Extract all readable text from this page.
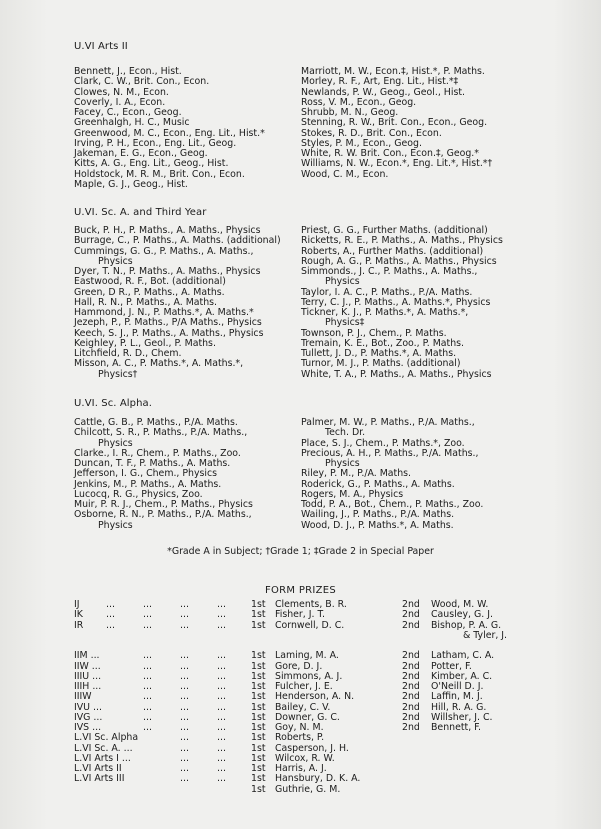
U.VI Arts II
Bennett, J., Econ., Hist.
Clark, C. W., Brit. Con., Econ.
Clowes, N. M., Econ.
Coverly, I. A., Econ.
Facey, C., Econ., Geog.
Greenhalgh, H. C., Music
Greenwood, M. C., Econ., Eng. Lit., Hist.*
Irving, P. H., Econ., Eng. Lit., Geog.
Jakeman, E. G., Econ., Geog.
Kitts, A. G., Eng. Lit., Geog., Hist.
Holdstock, M. R. M., Brit. Con., Econ.
Maple, G. J., Geog., Hist.
Marriott, M. W., Econ.‡, Hist.*, P. Maths.
Morley, R. F., Art, Eng. Lit., Hist.*‡
Newlands, P. W., Geog., Geol., Hist.
Ross, V. M., Econ., Geog.
Shrubb, M. N., Geog.
Stenning, R. W., Brit. Con., Econ., Geog.
Stokes, R. D., Brit. Con., Econ.
Styles, P. M., Econ., Geog.
White, R. W. Brit. Con., Econ.‡, Geog.*
Williams, N. W., Econ.*, Eng. Lit.*, Hist.*†
Wood, C. M., Econ.
U.VI. Sc. A. and Third Year
Buck, P. H., P. Maths., A. Maths., Physics
Burrage, C., P. Maths., A. Maths. (additional)
Cummings, G. G., P. Maths., A. Maths.,
Physics
Dyer, T. N., P. Maths., A. Maths., Physics
Eastwood, R. F., Bot. (additional)
Green, D R., P. Maths., A. Maths.
Hall, R. N., P. Maths., A. Maths.
Hammond, J. N., P. Maths.*, A. Maths.*
Jezeph, P., P. Maths., P/A Maths., Physics
Keech, S. J., P. Maths., A. Maths., Physics
Keighley, P. L., Geol., P. Maths.
Litchfield, R. D., Chem.
Misson, A. C., P. Maths.*, A. Maths.*,
Physics†
Priest, G. G., Further Maths. (additional)
Ricketts, R. E., P. Maths., A. Maths., Physics
Roberts, A., Further Maths. (additional)
Rough, A. G., P. Maths., A. Maths., Physics
Simmonds., J. C., P. Maths., A. Maths.,
Physics
Taylor, I. A. C., P. Maths., P./A. Maths.
Terry, C. J., P. Maths., A. Maths.*, Physics
Tickner, K. J., P. Maths.*, A. Maths.*,
Physics‡
Townson, P. J., Chem., P. Maths.
Tremain, K. E., Bot., Zoo., P. Maths.
Tullett, J. D., P. Maths.*, A. Maths.
Turnor, M. J., P. Maths. (additional)
White, T. A., P. Maths., A. Maths., Physics
U.VI. Sc. Alpha.
Cattle, G. B., P. Maths., P./A. Maths.
Chilcott, S. R., P. Maths., P./A. Maths.,
Physics
Clarke., I. R., Chem., P. Maths., Zoo.
Duncan, T. F., P. Maths., A. Maths.
Jefferson, I. G., Chem., Physics
Jenkins, M., P. Maths., A. Maths.
Lucocq, R. G., Physics, Zoo.
Muir, P. R. J., Chem., P. Maths., Physics
Osborne, R. N., P. Maths., P./A. Maths.,
Physics
Palmer, M. W., P. Maths., P./A. Maths.,
Tech. Dr.
Place, S. J., Chem., P. Maths.*, Zoo.
Precious, A. H., P. Maths., P./A. Maths.,
Physics
Riley, P. M., P./A. Maths.
Roderick, G., P. Maths., A. Maths.
Rogers, M. A., Physics
Todd, P. A., Bot., Chem., P. Maths., Zoo.
Wailing, J., P. Maths., P./A. Maths.
Wood, D. J., P. Maths.*, A. Maths.
*Grade A in Subject; †Grade 1; ‡Grade 2 in Special Paper
FORM PRIZES
IJ	...	...	...	...	1st Clements, B. R.	2nd Wood, M. W.
IK ...	...	...	...	1st Fisher, J. T.	2nd Causley, G. J.
IR ...	...	...	...	1st Cornwell, D. C.	2nd Bishop, P. A. G.
& Tyler, J.
IIM ...	...	...	...	1st Laming, M. A.	2nd Latham, C. A.
IIW ...	...	...	...	1st Gore, D. J.	2nd Potter, F.
IIIU ...	...	...	...	1st Simmons, A. J.	2nd Kimber, A. C.
IIIH ...	...	...	...	1st Fulcher, J. E.	2nd O'Neill D. J.
IIIW	...	...	...	1st Henderson, A. N.	2nd Laffin, M. J.
IVU ...	...	...	...	1st Bailey, C. V.	2nd Hill, R. A. G.
IVG ...	...	...	...	1st Downer, G. C.	2nd Willsher, J. C.
IVS ...	...	...	...	1st Goy, N. M.	2nd Bennett, F.
L.VI Sc. Alpha	...	...	1st Roberts, P.
L.VI Sc. A. ...	...	...	1st Casperson, J. H.
L.VI Arts I ...	...	...	1st Wilcox, R. W.
L.VI Arts II	...	...	1st Harris, A. J.
L.VI Arts III	...	...	1st Hansbury, D. K. A.
1st Guthrie, G. M.
